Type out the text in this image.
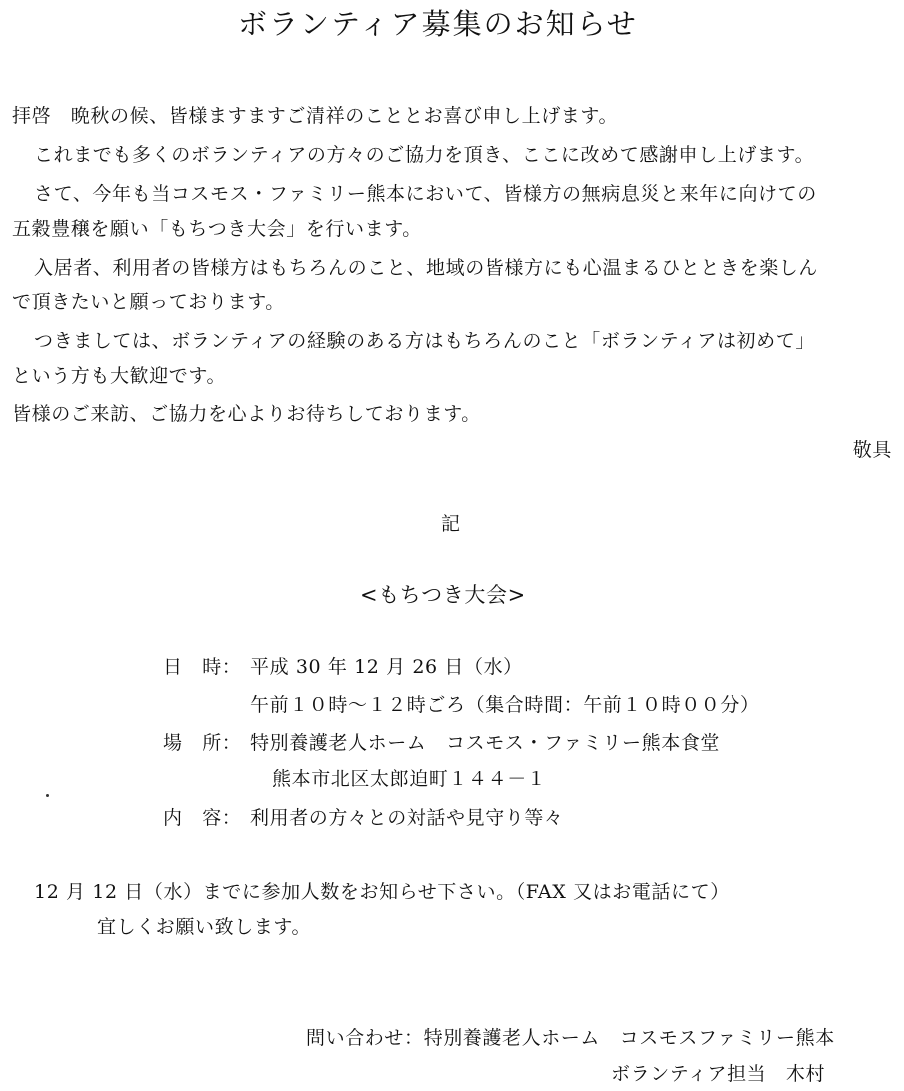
ボランティア募集のお知らせ
拝啓　晩秋の候、皆様ますますご清祥のこととお喜び申し上げます。
これまでも多くのボランティアの方々のご協力を頂き、ここに改めて感謝申し上げます。
さて、今年も当コスモス・ファミリー熊本において、皆様方の無病息災と来年に向けての
五穀豊穣を願い「もちつき大会」を行います。
入居者、利用者の皆様方はもちろんのこと、地域の皆様方にも心温まるひとときを楽しん
で頂きたいと願っております。
つきましては、ボランティアの経験のある方はもちろんのこと「ボランティアは初めて」
という方も大歓迎です。
皆様のご来訪、ご協力を心よりお待ちしております。
敬具
記
<もちつき大会>
日　時： 平成 30 年 12 月 26 日（水）
午前１０時～１２時ごろ（集合時間：午前１０時００分）
場　所： 特別養護老人ホーム　コスモス・ファミリー熊本食堂
熊本市北区太郎迫町１４４－１
内　容： 利用者の方々との対話や見守り等々
12 月 12 日（水）までに参加人数をお知らせ下さい。（FAX 又はお電話にて）
宜しくお願い致します。
問い合わせ：特別養護老人ホーム　コスモスファミリー熊本
ボランティア担当　木村
